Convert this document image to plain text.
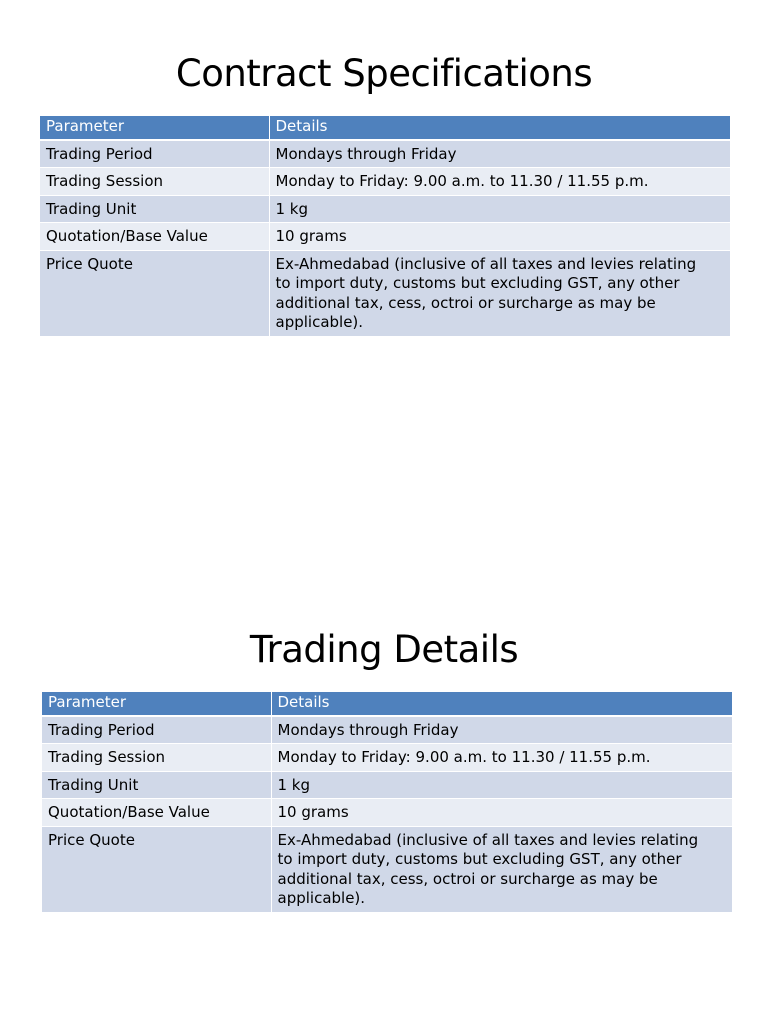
Contract Specifications
Parameter	Details
Trading Period	Mondays through Friday
Trading Session	Monday to Friday: 9.00 a.m. to 11.30 / 11.55 p.m.
Trading Unit	1 kg
Quotation/Base Value	10 grams
Price Quote	Ex-Ahmedabad (inclusive of all taxes and levies relating to import duty, customs but excluding GST, any other additional tax, cess, octroi or surcharge as may be applicable).
Trading Details
Parameter	Details
Trading Period	Mondays through Friday
Trading Session	Monday to Friday: 9.00 a.m. to 11.30 / 11.55 p.m.
Trading Unit	1 kg
Quotation/Base Value	10 grams
Price Quote	Ex-Ahmedabad (inclusive of all taxes and levies relating to import duty, customs but excluding GST, any other additional tax, cess, octroi or surcharge as may be applicable).
